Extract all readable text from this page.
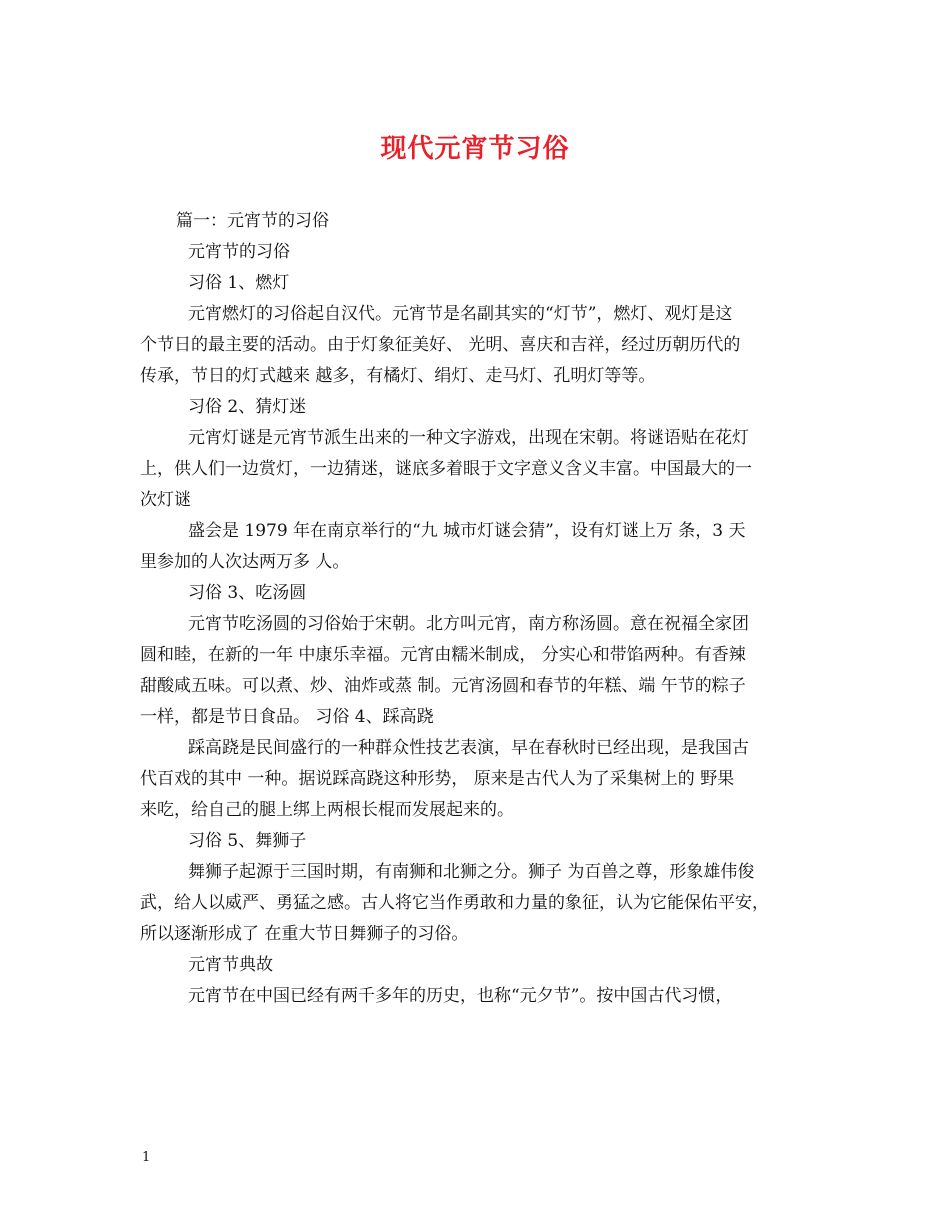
现代元宵节习俗
篇一：元宵节的习俗
元宵节的习俗
习俗 1、燃灯
元宵燃灯的习俗起自汉代。元宵节是名副其实的“灯节”，燃灯、观灯是这
个节日的最主要的活动。由于灯象征美好、 光明、喜庆和吉祥，经过历朝历代的
传承，节日的灯式越来 越多，有橘灯、绢灯、走马灯、孔明灯等等。
习俗 2、猜灯迷
元宵灯谜是元宵节派生出来的一种文字游戏，出现在宋朝。将谜语贴在花灯
上，供人们一边赏灯，一边猜迷，谜底多着眼于文字意义含义丰富。中国最大的一
次灯谜
盛会是 1979 年在南京举行的“九 城市灯谜会猜”，设有灯谜上万 条，3 天
里参加的人次达两万多 人。
习俗 3、吃汤圆
元宵节吃汤圆的习俗始于宋朝。北方叫元宵，南方称汤圆。意在祝福全家团
圆和睦，在新的一年 中康乐幸福。元宵由糯米制成， 分实心和带馅两种。有香辣
甜酸咸五味。可以煮、炒、油炸或蒸 制。元宵汤圆和春节的年糕、端 午节的粽子
一样，都是节日食品。 习俗 4、踩高跷
踩高跷是民间盛行的一种群众性技艺表演，早在春秋时已经出现，是我国古
代百戏的其中 一种。据说踩高跷这种形势， 原来是古代人为了采集树上的 野果
来吃，给自己的腿上绑上两根长棍而发展起来的。
习俗 5、舞狮子
舞狮子起源于三国时期，有南狮和北狮之分。狮子 为百兽之尊，形象雄伟俊
武，给人以威严、勇猛之感。古人将它当作勇敢和力量的象征，认为它能保佑平安，
所以逐渐形成了 在重大节日舞狮子的习俗。
元宵节典故
元宵节在中国已经有两千多年的历史，也称“元夕节”。按中国古代习惯，
1
